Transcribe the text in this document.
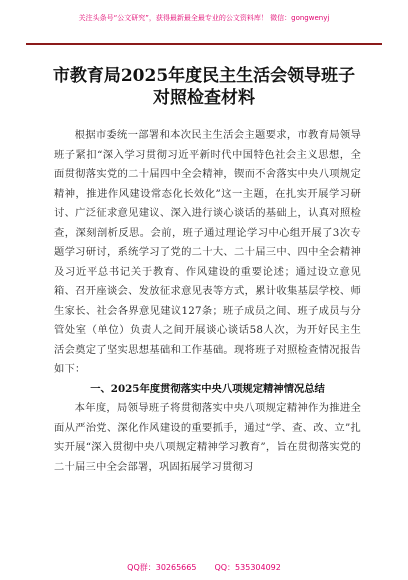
关注头条号“公文研究”，获得最新最全最专业的公文资料库！ 微信：gongwenyj
市教育局2025年度民主生活会领导班子
对照检查材料

根据市委统一部署和本次民主生活会主题要求，市教育局领导班子紧扣“深入学习贯彻习近平新时代中国特色社会主义思想，全面贯彻落实党的二十届四中全会精神，锲而不舍落实中央八项规定精神，推进作风建设常态化长效化”这一主题，在扎实开展学习研讨、广泛征求意见建议、深入进行谈心谈话的基础上，认真对照检查，深刻剖析反思。会前，班子通过理论学习中心组开展了3次专题学习研讨，系统学习了党的二十大、二十届三中、四中全会精神及习近平总书记关于教育、作风建设的重要论述；通过设立意见箱、召开座谈会、发放征求意见表等方式，累计收集基层学校、师生家长、社会各界意见建议127条；班子成员之间、班子成员与分管处室（单位）负责人之间开展谈心谈话58人次，为开好民主生活会奠定了坚实思想基础和工作基础。现将班子对照检查情况报告如下：

一、2025年度贯彻落实中央八项规定精神情况总结

本年度，局领导班子将贯彻落实中央八项规定精神作为推进全面从严治党、深化作风建设的重要抓手，通过“学、查、改、立”扎实开展“深入贯彻中央八项规定精神学习教育”，旨在贯彻落实党的二十届三中全会部署，巩固拓展学习贯彻习

QQ群：30265665 QQ：535304092
